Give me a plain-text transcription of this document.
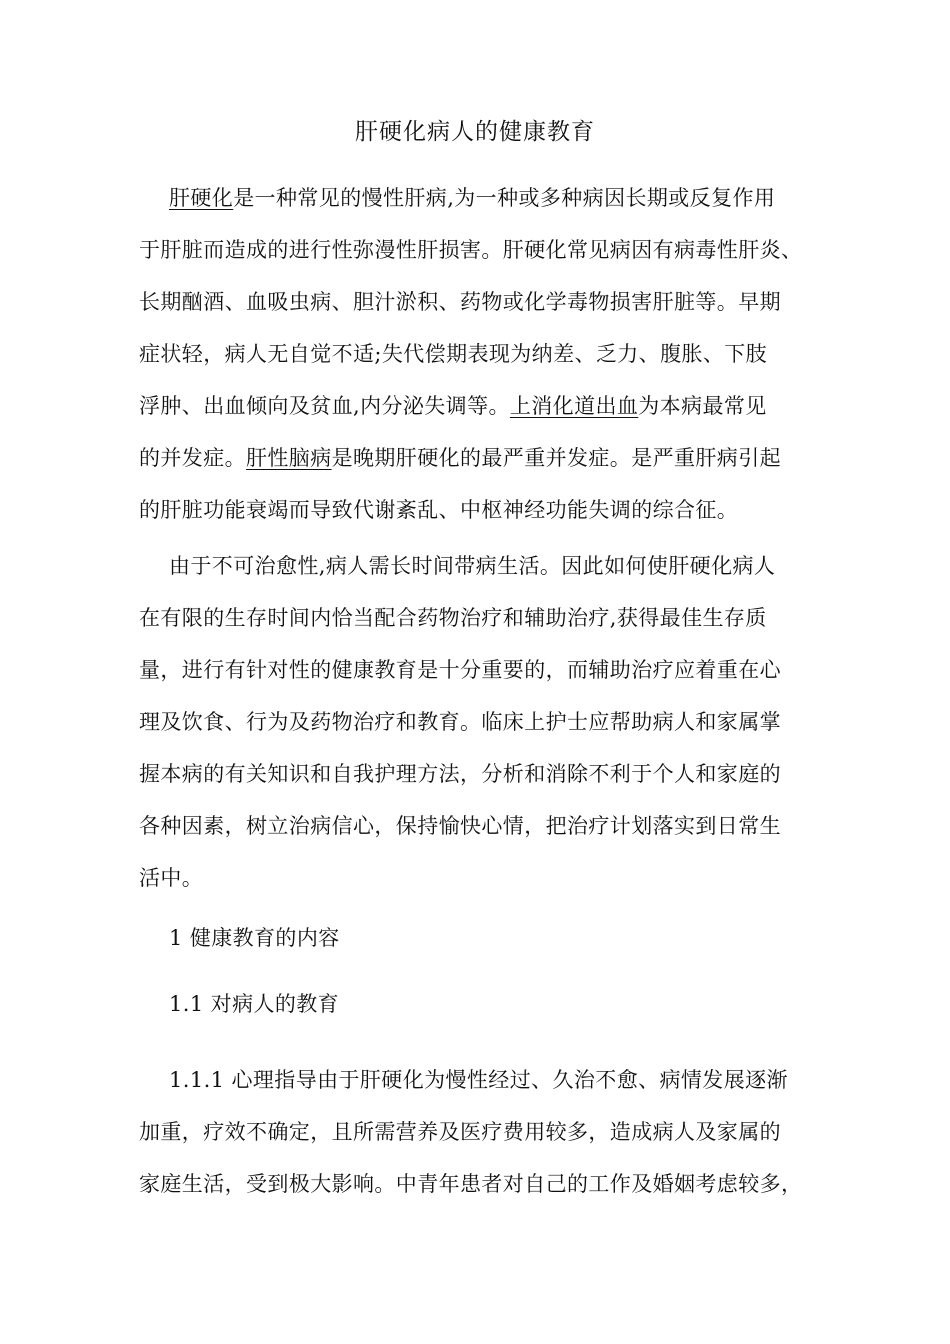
肝硬化病人的健康教育
肝硬化是一种常见的慢性肝病,为一种或多种病因长期或反复作用
于肝脏而造成的进行性弥漫性肝损害。肝硬化常见病因有病毒性肝炎、
长期酗酒、血吸虫病、胆汁淤积、药物或化学毒物损害肝脏等。早期
症状轻，病人无自觉不适;失代偿期表现为纳差、乏力、腹胀、下肢
浮肿、出血倾向及贫血,内分泌失调等。上消化道出血为本病最常见
的并发症。肝性脑病是晚期肝硬化的最严重并发症。是严重肝病引起
的肝脏功能衰竭而导致代谢紊乱、中枢神经功能失调的综合征。
由于不可治愈性,病人需长时间带病生活。因此如何使肝硬化病人
在有限的生存时间内恰当配合药物治疗和辅助治疗,获得最佳生存质
量，进行有针对性的健康教育是十分重要的，而辅助治疗应着重在心
理及饮食、行为及药物治疗和教育。临床上护士应帮助病人和家属掌
握本病的有关知识和自我护理方法，分析和消除不利于个人和家庭的
各种因素，树立治病信心，保持愉快心情，把治疗计划落实到日常生
活中。
1 健康教育的内容
1.1 对病人的教育
1.1.1 心理指导由于肝硬化为慢性经过、久治不愈、病情发展逐渐
加重，疗效不确定，且所需营养及医疗费用较多，造成病人及家属的
家庭生活，受到极大影响。中青年患者对自己的工作及婚姻考虑较多，
